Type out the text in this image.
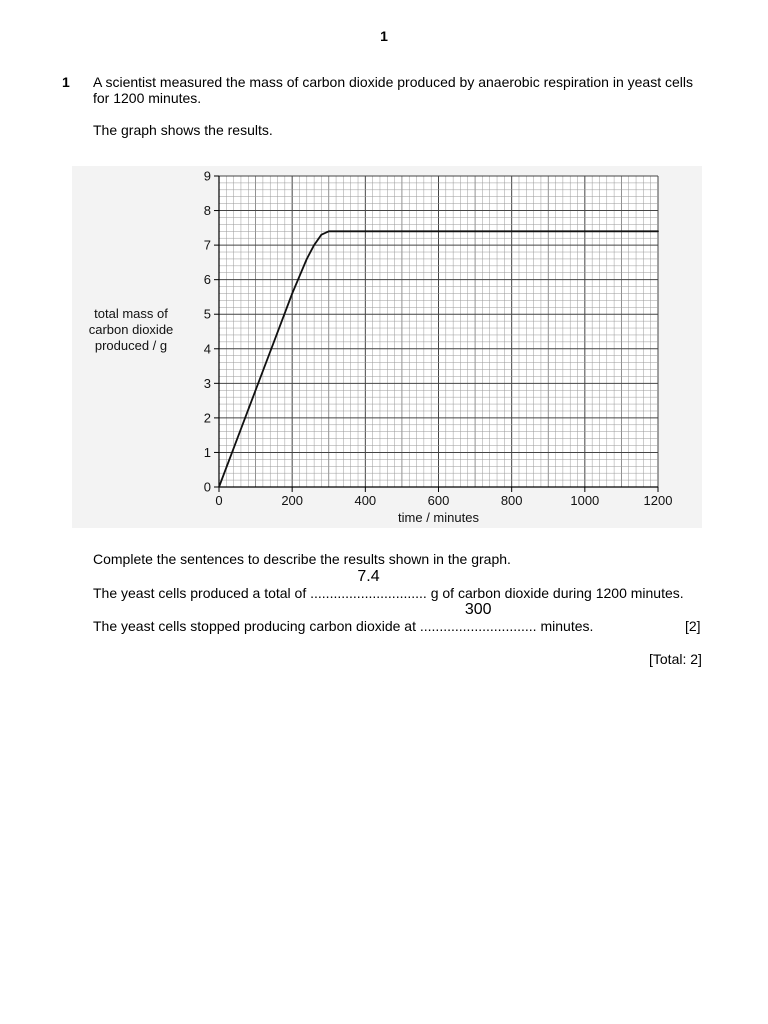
1
1 A scientist measured the mass of carbon dioxide produced by anaerobic respiration in yeast cells for 1200 minutes.
The graph shows the results.
0
1
2
3
4
5
6
7
8
9
0	200	400	600	800	1000	1200
time / minutes
total mass of
carbon dioxide
produced / g
Complete the sentences to describe the results shown in the graph.
The yeast cells produced a total of
7.4
.............................. g of carbon dioxide during 1200 minutes.
The yeast cells stopped producing carbon dioxide at
300
.............................. minutes.	[2]
[Total: 2]
